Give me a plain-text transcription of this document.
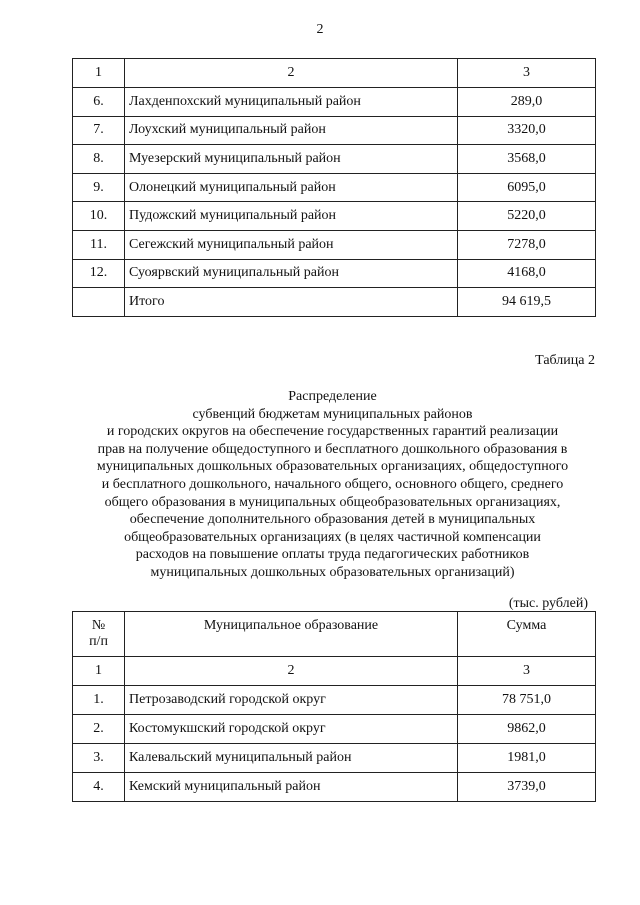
2
1	2	3
6.	Лахденпохский муниципальный район	289,0
7.	Лоухский муниципальный район	3320,0
8.	Муезерский муниципальный район	3568,0
9.	Олонецкий муниципальный район	6095,0
10.	Пудожский муниципальный район	5220,0
11.	Сегежский муниципальный район	7278,0
12.	Суоярвский муниципальный район	4168,0
	Итого	94 619,5
Таблица 2
Распределение
субвенций бюджетам муниципальных районов
и городских округов на обеспечение государственных гарантий реализации
прав на получение общедоступного и бесплатного дошкольного образования в
муниципальных дошкольных образовательных организациях, общедоступного
и бесплатного дошкольного, начального общего, основного общего, среднего
общего образования в муниципальных общеобразовательных организациях,
обеспечение дополнительного образования детей в муниципальных
общеобразовательных организациях (в целях частичной компенсации
расходов на повышение оплаты труда педагогических работников
муниципальных дошкольных образовательных организаций)
(тыс. рублей)
№
п/п	Муниципальное образование	Сумма
1	2	3
1.	Петрозаводский городской округ	78 751,0
2.	Костомукшский городской округ	9862,0
3.	Калевальский муниципальный район	1981,0
4.	Кемский муниципальный район	3739,0
